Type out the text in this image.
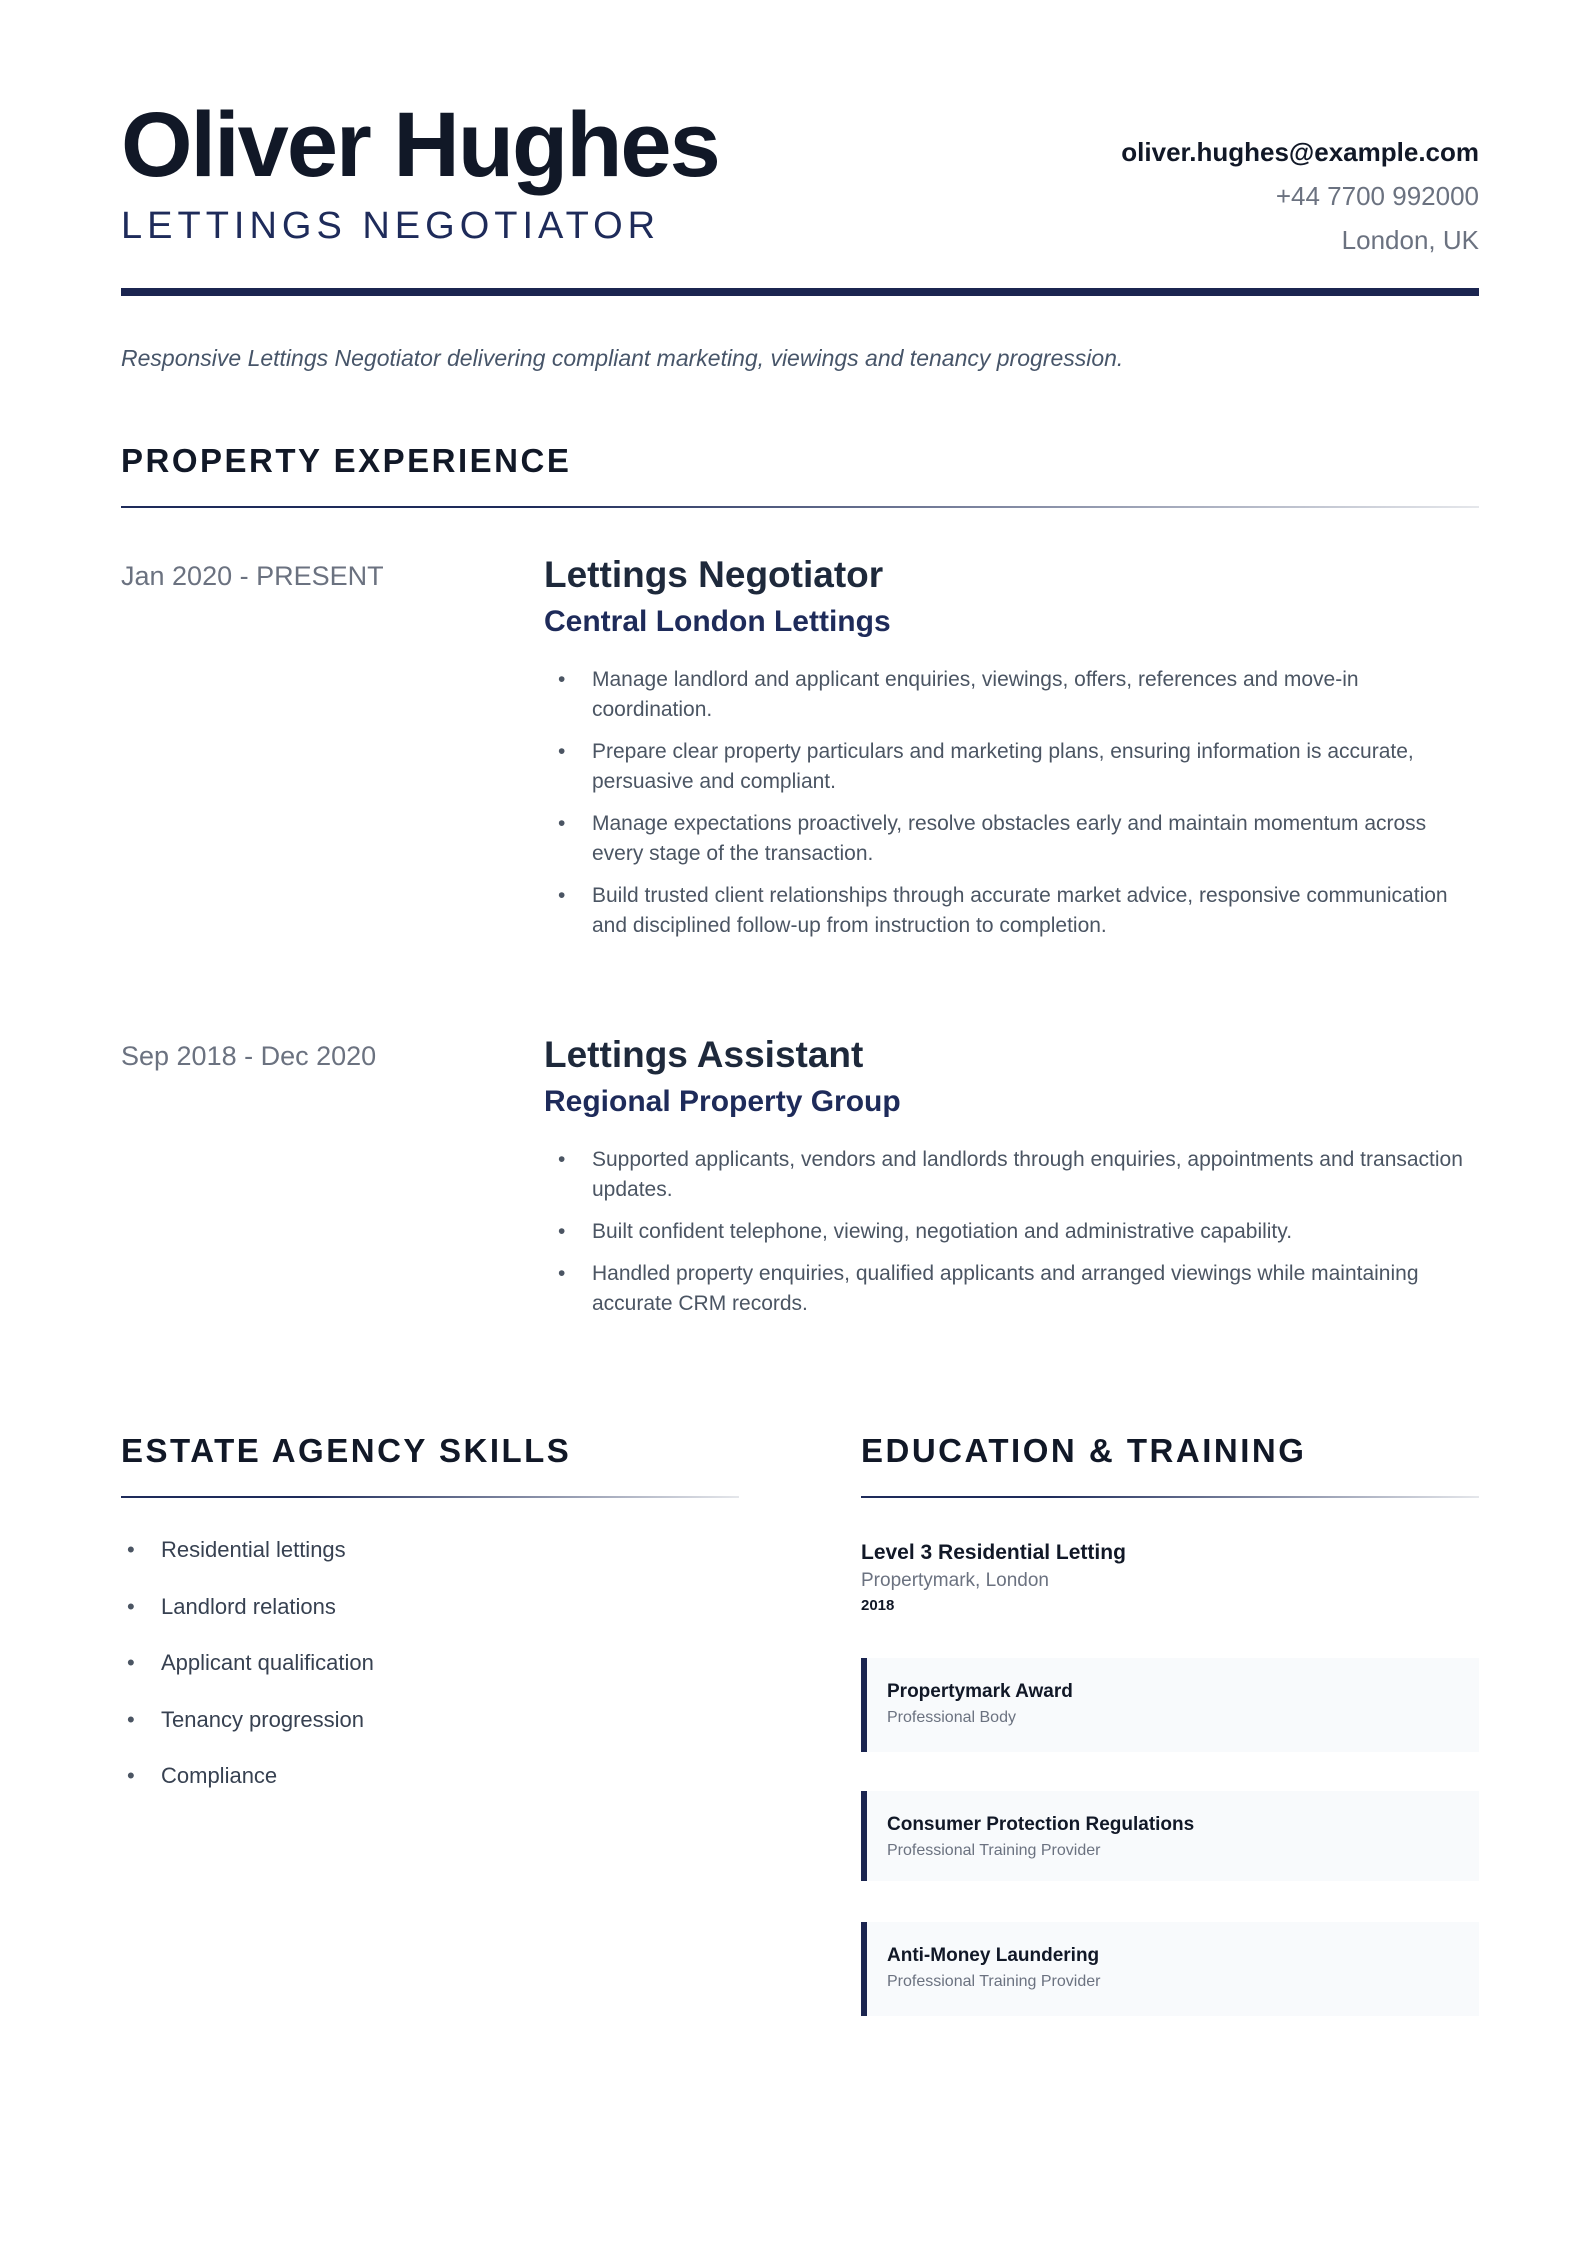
Oliver Hughes
LETTINGS NEGOTIATOR
oliver.hughes@example.com
+44 7700 992000
London, UK
Responsive Lettings Negotiator delivering compliant marketing, viewings and tenancy progression.
PROPERTY EXPERIENCE
Jan 2020 - PRESENT	Lettings Negotiator
Central London Lettings
• Manage landlord and applicant enquiries, viewings, offers, references and move-in coordination.
• Prepare clear property particulars and marketing plans, ensuring information is accurate, persuasive and compliant.
• Manage expectations proactively, resolve obstacles early and maintain momentum across every stage of the transaction.
• Build trusted client relationships through accurate market advice, responsive communication and disciplined follow-up from instruction to completion.
Sep 2018 - Dec 2020	Lettings Assistant
Regional Property Group
• Supported applicants, vendors and landlords through enquiries, appointments and transaction updates.
• Built confident telephone, viewing, negotiation and administrative capability.
• Handled property enquiries, qualified applicants and arranged viewings while maintaining accurate CRM records.
ESTATE AGENCY SKILLS
• Residential lettings
• Landlord relations
• Applicant qualification
• Tenancy progression
• Compliance
EDUCATION & TRAINING
Level 3 Residential Letting
Propertymark, London
2018
Propertymark Award
Professional Body
Consumer Protection Regulations
Professional Training Provider
Anti-Money Laundering
Professional Training Provider
